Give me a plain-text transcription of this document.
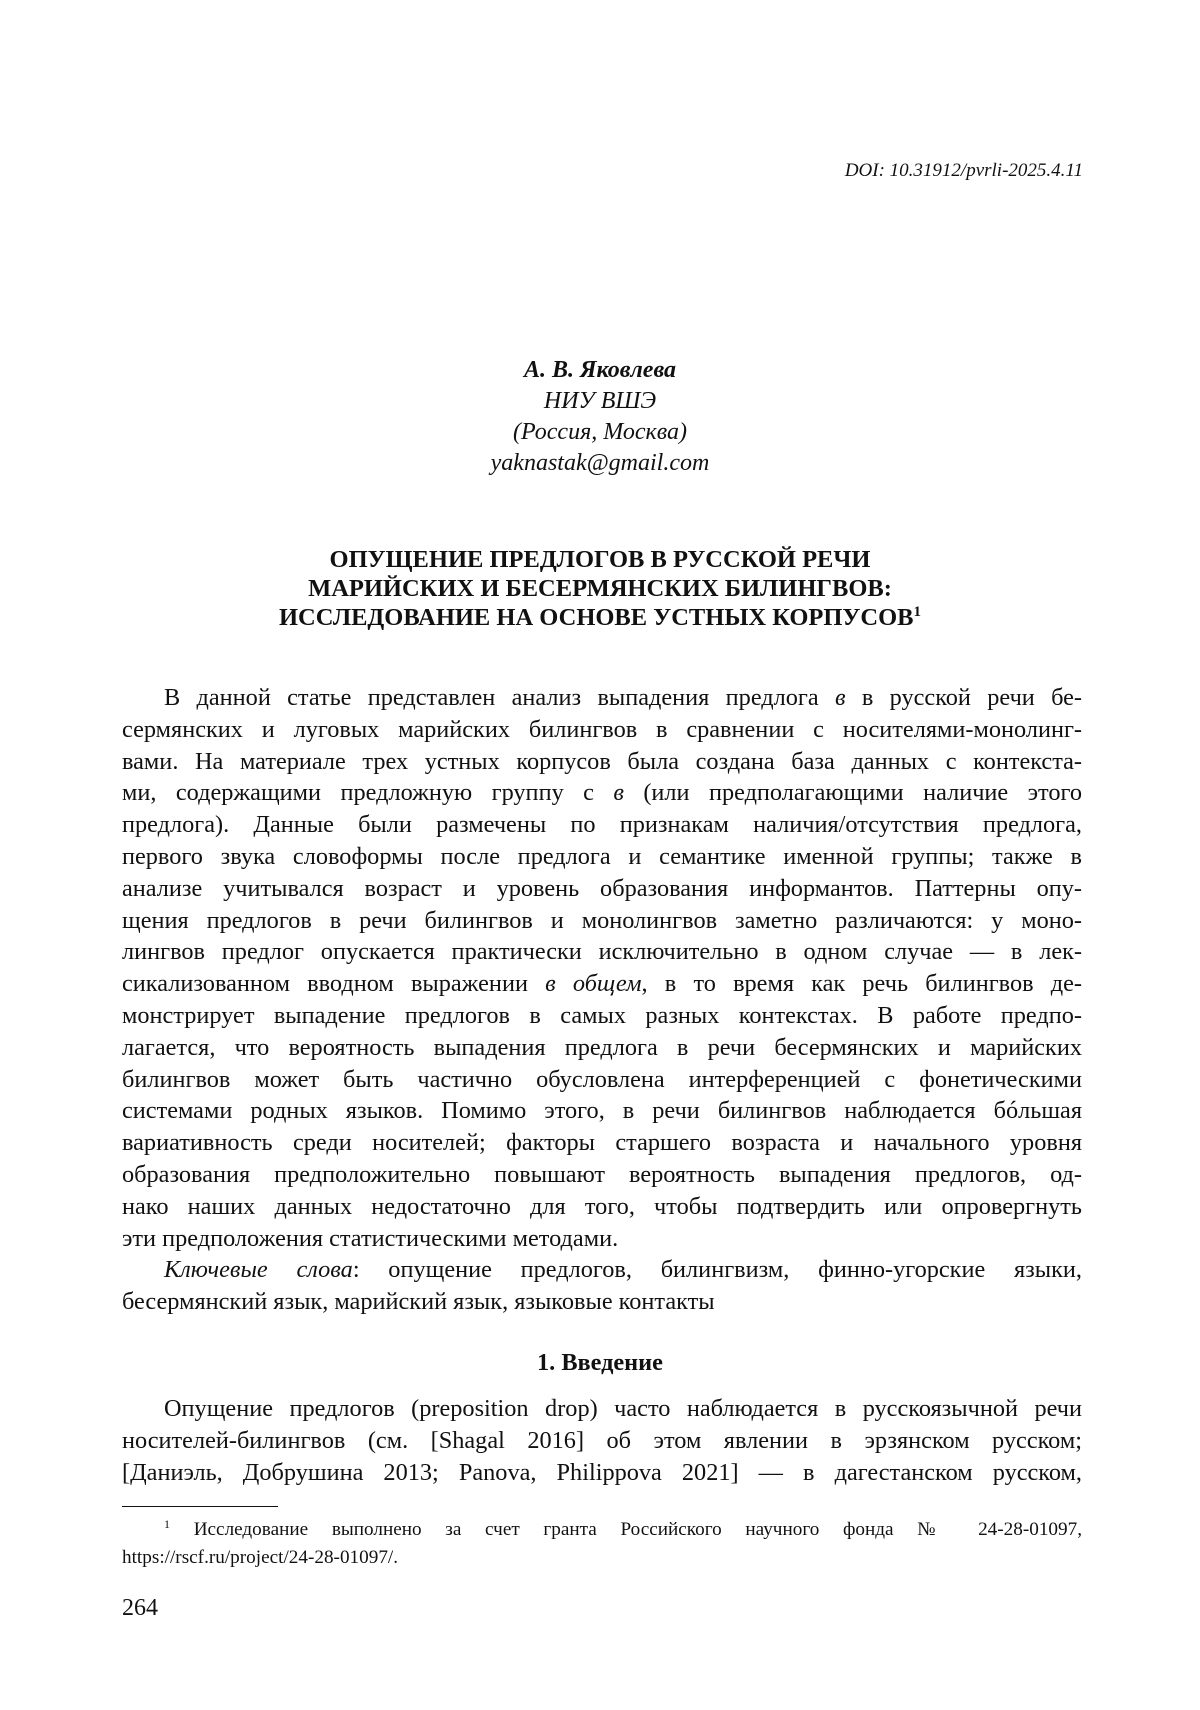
DOI: 10.31912/pvrli-2025.4.11
А. В. Яковлева
НИУ ВШЭ
(Россия, Москва)
yaknastak@gmail.com
ОПУЩЕНИЕ ПРЕДЛОГОВ В РУССКОЙ РЕЧИ
МАРИЙСКИХ И БЕСЕРМЯНСКИХ БИЛИНГВОВ:
ИССЛЕДОВАНИЕ НА ОСНОВЕ УСТНЫХ КОРПУСОВ$^1$
В данной статье представлен анализ выпадения предлога в в русской речи бе-
сермянских и луговых марийских билингвов в сравнении с носителями-монолинг-
вами. На материале трех устных корпусов была создана база данных с контекста-
ми, содержащими предложную группу с в (или предполагающими наличие этого
предлога). Данные были размечены по признакам наличия/отсутствия предлога,
первого звука словоформы после предлога и семантике именной группы; также в
анализе учитывался возраст и уровень образования информантов. Паттерны опу-
щения предлогов в речи билингвов и монолингвов заметно различаются: у моно-
лингвов предлог опускается практически исключительно в одном случае — в лек-
сикализованном вводном выражении в общем, в то время как речь билингвов де-
монстрирует выпадение предлогов в самых разных контекстах. В работе предпо-
лагается, что вероятность выпадения предлога в речи бесермянских и марийских
билингвов может быть частично обусловлена интерференцией с фонетическими
системами родных языков. Помимо этого, в речи билингвов наблюдается бóльшая
вариативность среди носителей; факторы старшего возраста и начального уровня
образования предположительно повышают вероятность выпадения предлогов, од-
нако наших данных недостаточно для того, чтобы подтвердить или опровергнуть
эти предположения статистическими методами.
Ключевые слова: опущение предлогов, билингвизм, финно-угорские языки,
бесермянский язык, марийский язык, языковые контакты
1. Введение
Опущение предлогов (preposition drop) часто наблюдается в русскоязычной речи
носителей-билингвов (см. [Shagal 2016] об этом явлении в эрзянском русском;
[Даниэль, Добрушина 2013; Panova, Philippova 2021] — в дагестанском русском,
$^1$ Исследование выполнено за счет гранта Российского научного фонда № 24-28-01097,
https://rscf.ru/project/24-28-01097/.
264
